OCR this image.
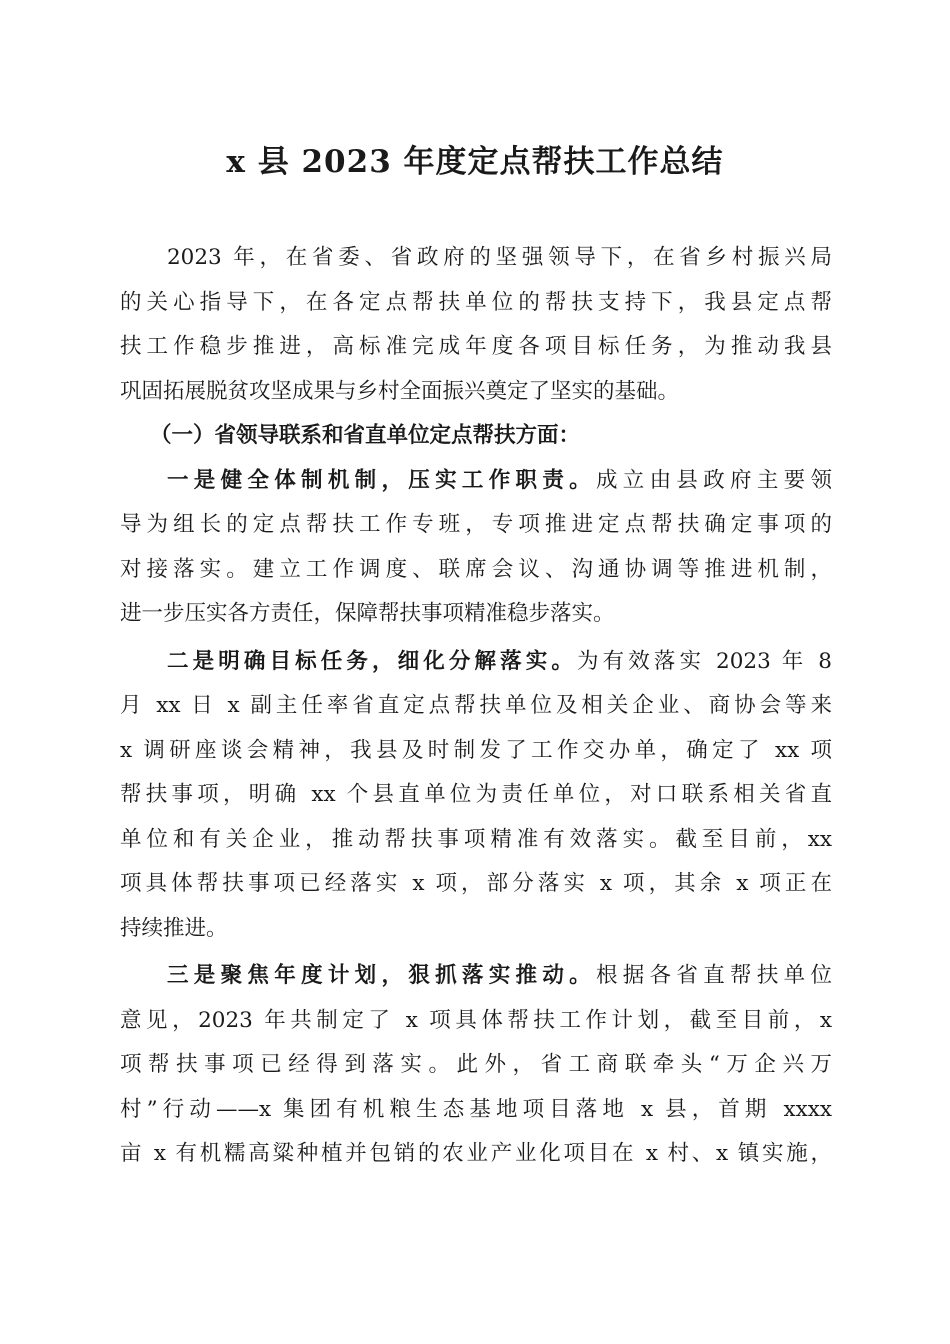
x 县 2023 年度定点帮扶工作总结
2023 年，在省委、省政府的坚强领导下，在省乡村振兴局
的关心指导下，在各定点帮扶单位的帮扶支持下，我县定点帮
扶工作稳步推进，高标准完成年度各项目标任务，为推动我县
巩固拓展脱贫攻坚成果与乡村全面振兴奠定了坚实的基础。
（一）省领导联系和省直单位定点帮扶方面：
一是健全体制机制，压实工作职责。成立由县政府主要领
导为组长的定点帮扶工作专班，专项推进定点帮扶确定事项的
对接落实。建立工作调度、联席会议、沟通协调等推进机制，
进一步压实各方责任，保障帮扶事项精准稳步落实。
二是明确目标任务，细化分解落实。为有效落实 2023 年 8
月 xx 日 x 副主任率省直定点帮扶单位及相关企业、商协会等来
x 调研座谈会精神，我县及时制发了工作交办单，确定了 xx 项
帮扶事项，明确 xx 个县直单位为责任单位，对口联系相关省直
单位和有关企业，推动帮扶事项精准有效落实。截至目前，xx
项具体帮扶事项已经落实 x 项，部分落实 x 项，其余 x 项正在
持续推进。
三是聚焦年度计划，狠抓落实推动。根据各省直帮扶单位
意见，2023 年共制定了 x 项具体帮扶工作计划，截至目前，x
项帮扶事项已经得到落实。此外，省工商联牵头“万企兴万
村”行动——x 集团有机粮生态基地项目落地 x 县，首期 xxxx
亩 x 有机糯高粱种植并包销的农业产业化项目在 x 村、x 镇实施，
